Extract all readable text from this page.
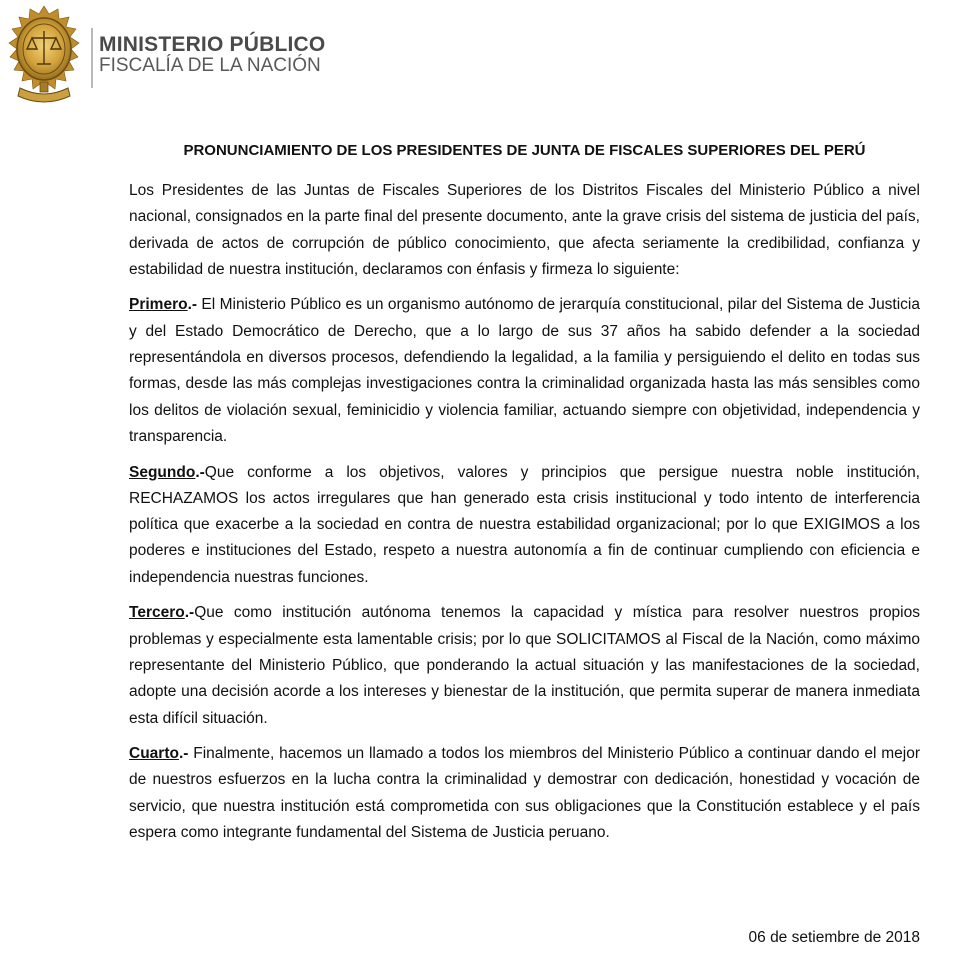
MINISTERIO PÚBLICO
FISCALÍA DE LA NACIÓN
PRONUNCIAMIENTO DE LOS PRESIDENTES DE JUNTA DE FISCALES SUPERIORES DEL PERÚ

Los Presidentes de las Juntas de Fiscales Superiores de los Distritos Fiscales del Ministerio Público a nivel nacional, consignados en la parte final del presente documento, ante la grave crisis del sistema de justicia del país, derivada de actos de corrupción de público conocimiento, que afecta seriamente la credibilidad, confianza y estabilidad de nuestra institución, declaramos con énfasis y firmeza lo siguiente:

Primero.- El Ministerio Público es un organismo autónomo de jerarquía constitucional, pilar del Sistema de Justicia y del Estado Democrático de Derecho, que a lo largo de sus 37 años ha sabido defender a la sociedad representándola en diversos procesos, defendiendo la legalidad, a la familia y persiguiendo el delito en todas sus formas, desde las más complejas investigaciones contra la criminalidad organizada hasta las más sensibles como los delitos de violación sexual, feminicidio y violencia familiar, actuando siempre con objetividad, independencia y transparencia.

Segundo.-Que conforme a los objetivos, valores y principios que persigue nuestra noble institución, RECHAZAMOS los actos irregulares que han generado esta crisis institucional y todo intento de interferencia política que exacerbe a la sociedad en contra de nuestra estabilidad organizacional; por lo que EXIGIMOS a los poderes e instituciones del Estado, respeto a nuestra autonomía a fin de continuar cumpliendo con eficiencia e independencia nuestras funciones.

Tercero.-Que como institución autónoma tenemos la capacidad y mística para resolver nuestros propios problemas y especialmente esta lamentable crisis; por lo que SOLICITAMOS al Fiscal de la Nación, como máximo representante del Ministerio Público, que ponderando la actual situación y las manifestaciones de la sociedad, adopte una decisión acorde a los intereses y bienestar de la institución, que permita superar de manera inmediata esta difícil situación.

Cuarto.- Finalmente, hacemos un llamado a todos los miembros del Ministerio Público a continuar dando el mejor de nuestros esfuerzos en la lucha contra la criminalidad y demostrar con dedicación, honestidad y vocación de servicio, que nuestra institución está comprometida con sus obligaciones que la Constitución establece y el país espera como integrante fundamental del Sistema de Justicia peruano.

06 de setiembre de 2018
